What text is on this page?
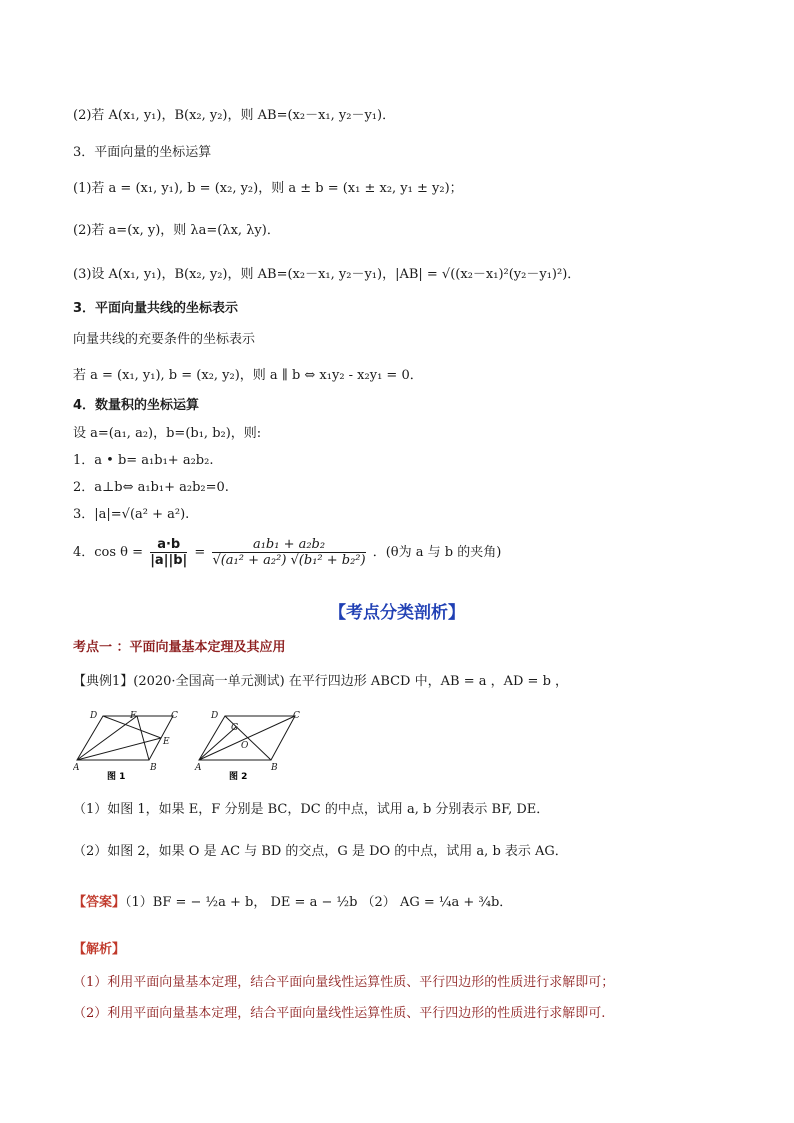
(2)若 A(x₁, y₁)，B(x₂, y₂)，则 AB=(x₂－x₁, y₂－y₁)．
3．平面向量的坐标运算
(1)若 a = (x₁, y₁), b = (x₂, y₂)，则 a ± b = (x₁ ± x₂, y₁ ± y₂)；
(2)若 a=(x, y)，则 λa=(λx, λy)．
(3)设 A(x₁, y₁)，B(x₂, y₂)，则 AB=(x₂－x₁, y₂－y₁)，|AB| = √((x₂－x₁)²(y₂－y₁)²)．
3．平面向量共线的坐标表示
向量共线的充要条件的坐标表示
若 a = (x₁, y₁), b = (x₂, y₂)，则 a ∥ b ⇔ x₁y₂ - x₂y₁ = 0．
4．数量积的坐标运算
设 a=(a₁, a₂)，b=(b₁, b₂)，则:
1．a • b= a₁b₁+ a₂b₂.
2．a⊥b⇔ a₁b₁+ a₂b₂=0.
3．|a|=√(a² + a²).
4．$\cos \theta = \frac{a\cdot b}{|a||b|} = \frac{\text{a₁b₁ + a₂b₂}}{\text{√(a₁² + a₂²) √(b₁² + b₂²)}}$ ．(θ为 a 与 b 的夹角)
【考点分类剖析】
考点一 ：平面向量基本定理及其应用
【典例1】(2020·全国高一单元测试) 在平行四边形 ABCD 中，AB = a ，AD = b ，
D	F	C
E
A	B
图 1
D
G
C
O
A	B
图 2
（1）如图 1，如果 E，F 分别是 BC，DC 的中点，试用 a, b 分别表示 BF, DE．
（2）如图 2，如果 O 是 AC 与 BD 的交点，G 是 DO 的中点，试用 a, b 表示 AG．
【答案】（1）BF = − ½a + b， DE = a − ½b （2） AG = ¼a + ¾b．
【解析】
（1）利用平面向量基本定理，结合平面向量线性运算性质、平行四边形的性质进行求解即可；
（2）利用平面向量基本定理，结合平面向量线性运算性质、平行四边形的性质进行求解即可.
